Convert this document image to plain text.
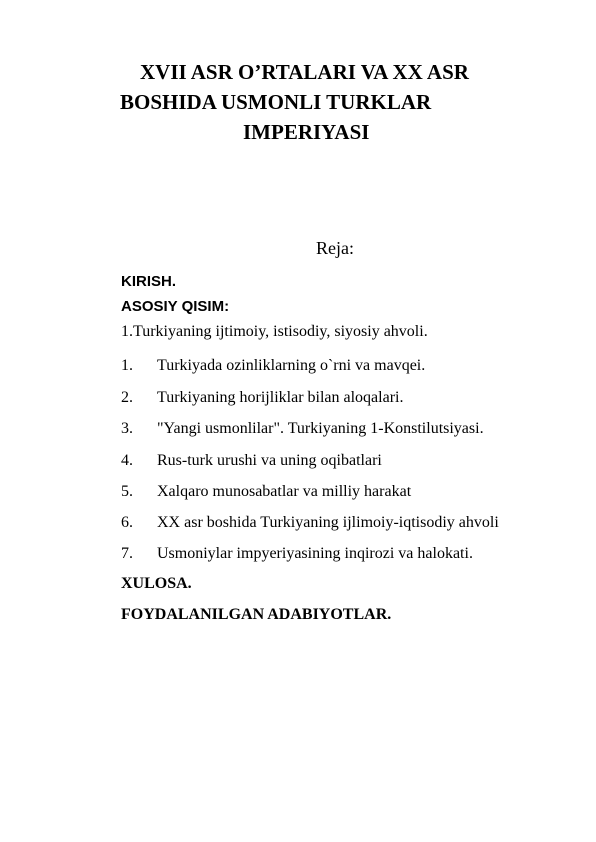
XVII ASR O’RTALARI VA XX ASR
BOSHIDA USMONLI TURKLAR
IMPERIYASI
Reja:
KIRISH.
ASOSIY QISIM:
1.Turkiyaning ijtimoiy, istisodiy, siyosiy ahvoli.
1. Turkiyada ozinliklarning o`rni va mavqei.
2. Turkiyaning horijliklar bilan aloqalari.
3. "Yangi usmonlilar". Turkiyaning 1-Konstilutsiyasi.
4. Rus-turk urushi va uning oqibatlari
5. Xalqaro munosabatlar va milliy harakat
6. XX asr boshida Turkiyaning ijlimoiy-iqtisodiy ahvoli
7. Usmoniylar impyeriyasining inqirozi va halokati.
XULOSA.
FOYDALANILGAN ADABIYOTLAR.
